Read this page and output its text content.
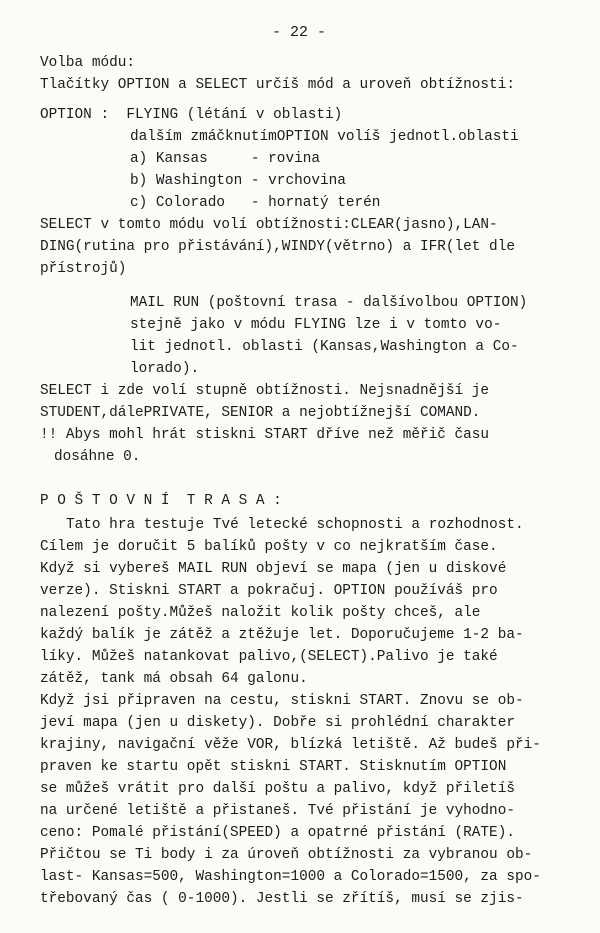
- 22 -
Volba módu:
Tlačítky OPTION a SELECT určíš mód a uroveň obtížnosti:
OPTION :  FLYING (létání v oblasti)
dalším zmáčknutímOPTION volíš jednotl.oblasti
a) Kansas     - rovina
b) Washington - vrchovina
c) Colorado   - hornatý terén
SELECT v tomto módu volí obtížnosti:CLEAR(jasno),LAN-
DING(rutina pro přistávání),WINDY(větrno) a IFR(let dle
přístrojů)
MAIL RUN (poštovní trasa - dalšívolbou OPTION)
stejně jako v módu FLYING lze i v tomto vo-
lit jednotl. oblasti (Kansas,Washington a Co-
lorado).
SELECT i zde volí stupně obtížnosti. Nejsnadnější je
STUDENT,dálePRIVATE, SENIOR a nejobtížnejší COMAND.
!! Abys mohl hrát stiskni START dříve než měřič času
dosáhne 0.
P O Š T O V N Í  T R A S A :
Tato hra testuje Tvé letecké schopnosti a rozhodnost.
Cílem je doručit 5 balíků pošty v co nejkratším čase.
Když si vybereš MAIL RUN objeví se mapa (jen u diskové
verze). Stiskni START a pokračuj. OPTION používáš pro
nalezení pošty.Můžeš naložit kolik pošty chceš, ale
každý balík je zátěž a ztěžuje let. Doporučujeme 1-2 ba-
líky. Můžeš natankovat palivo,(SELECT).Palivo je také
zátěž, tank má obsah 64 galonu.
Když jsi připraven na cestu, stiskni START. Znovu se ob-
jeví mapa (jen u diskety). Dobře si prohlédní charakter
krajiny, navigační věže VOR, blízká letiště. Až budeš při-
praven ke startu opět stiskni START. Stisknutím OPTION
se můžeš vrátit pro další poštu a palivo, když přiletíš
na určené letiště a přistaneš. Tvé přistání je vyhodno-
ceno: Pomalé přistání(SPEED) a opatrné přistání (RATE).
Přičtou se Ti body i za úroveň obtížnosti za vybranou ob-
last- Kansas=500, Washington=1000 a Colorado=1500, za spo-
třebovaný čas ( 0-1000). Jestli se zřítíš, musí se zjis-
